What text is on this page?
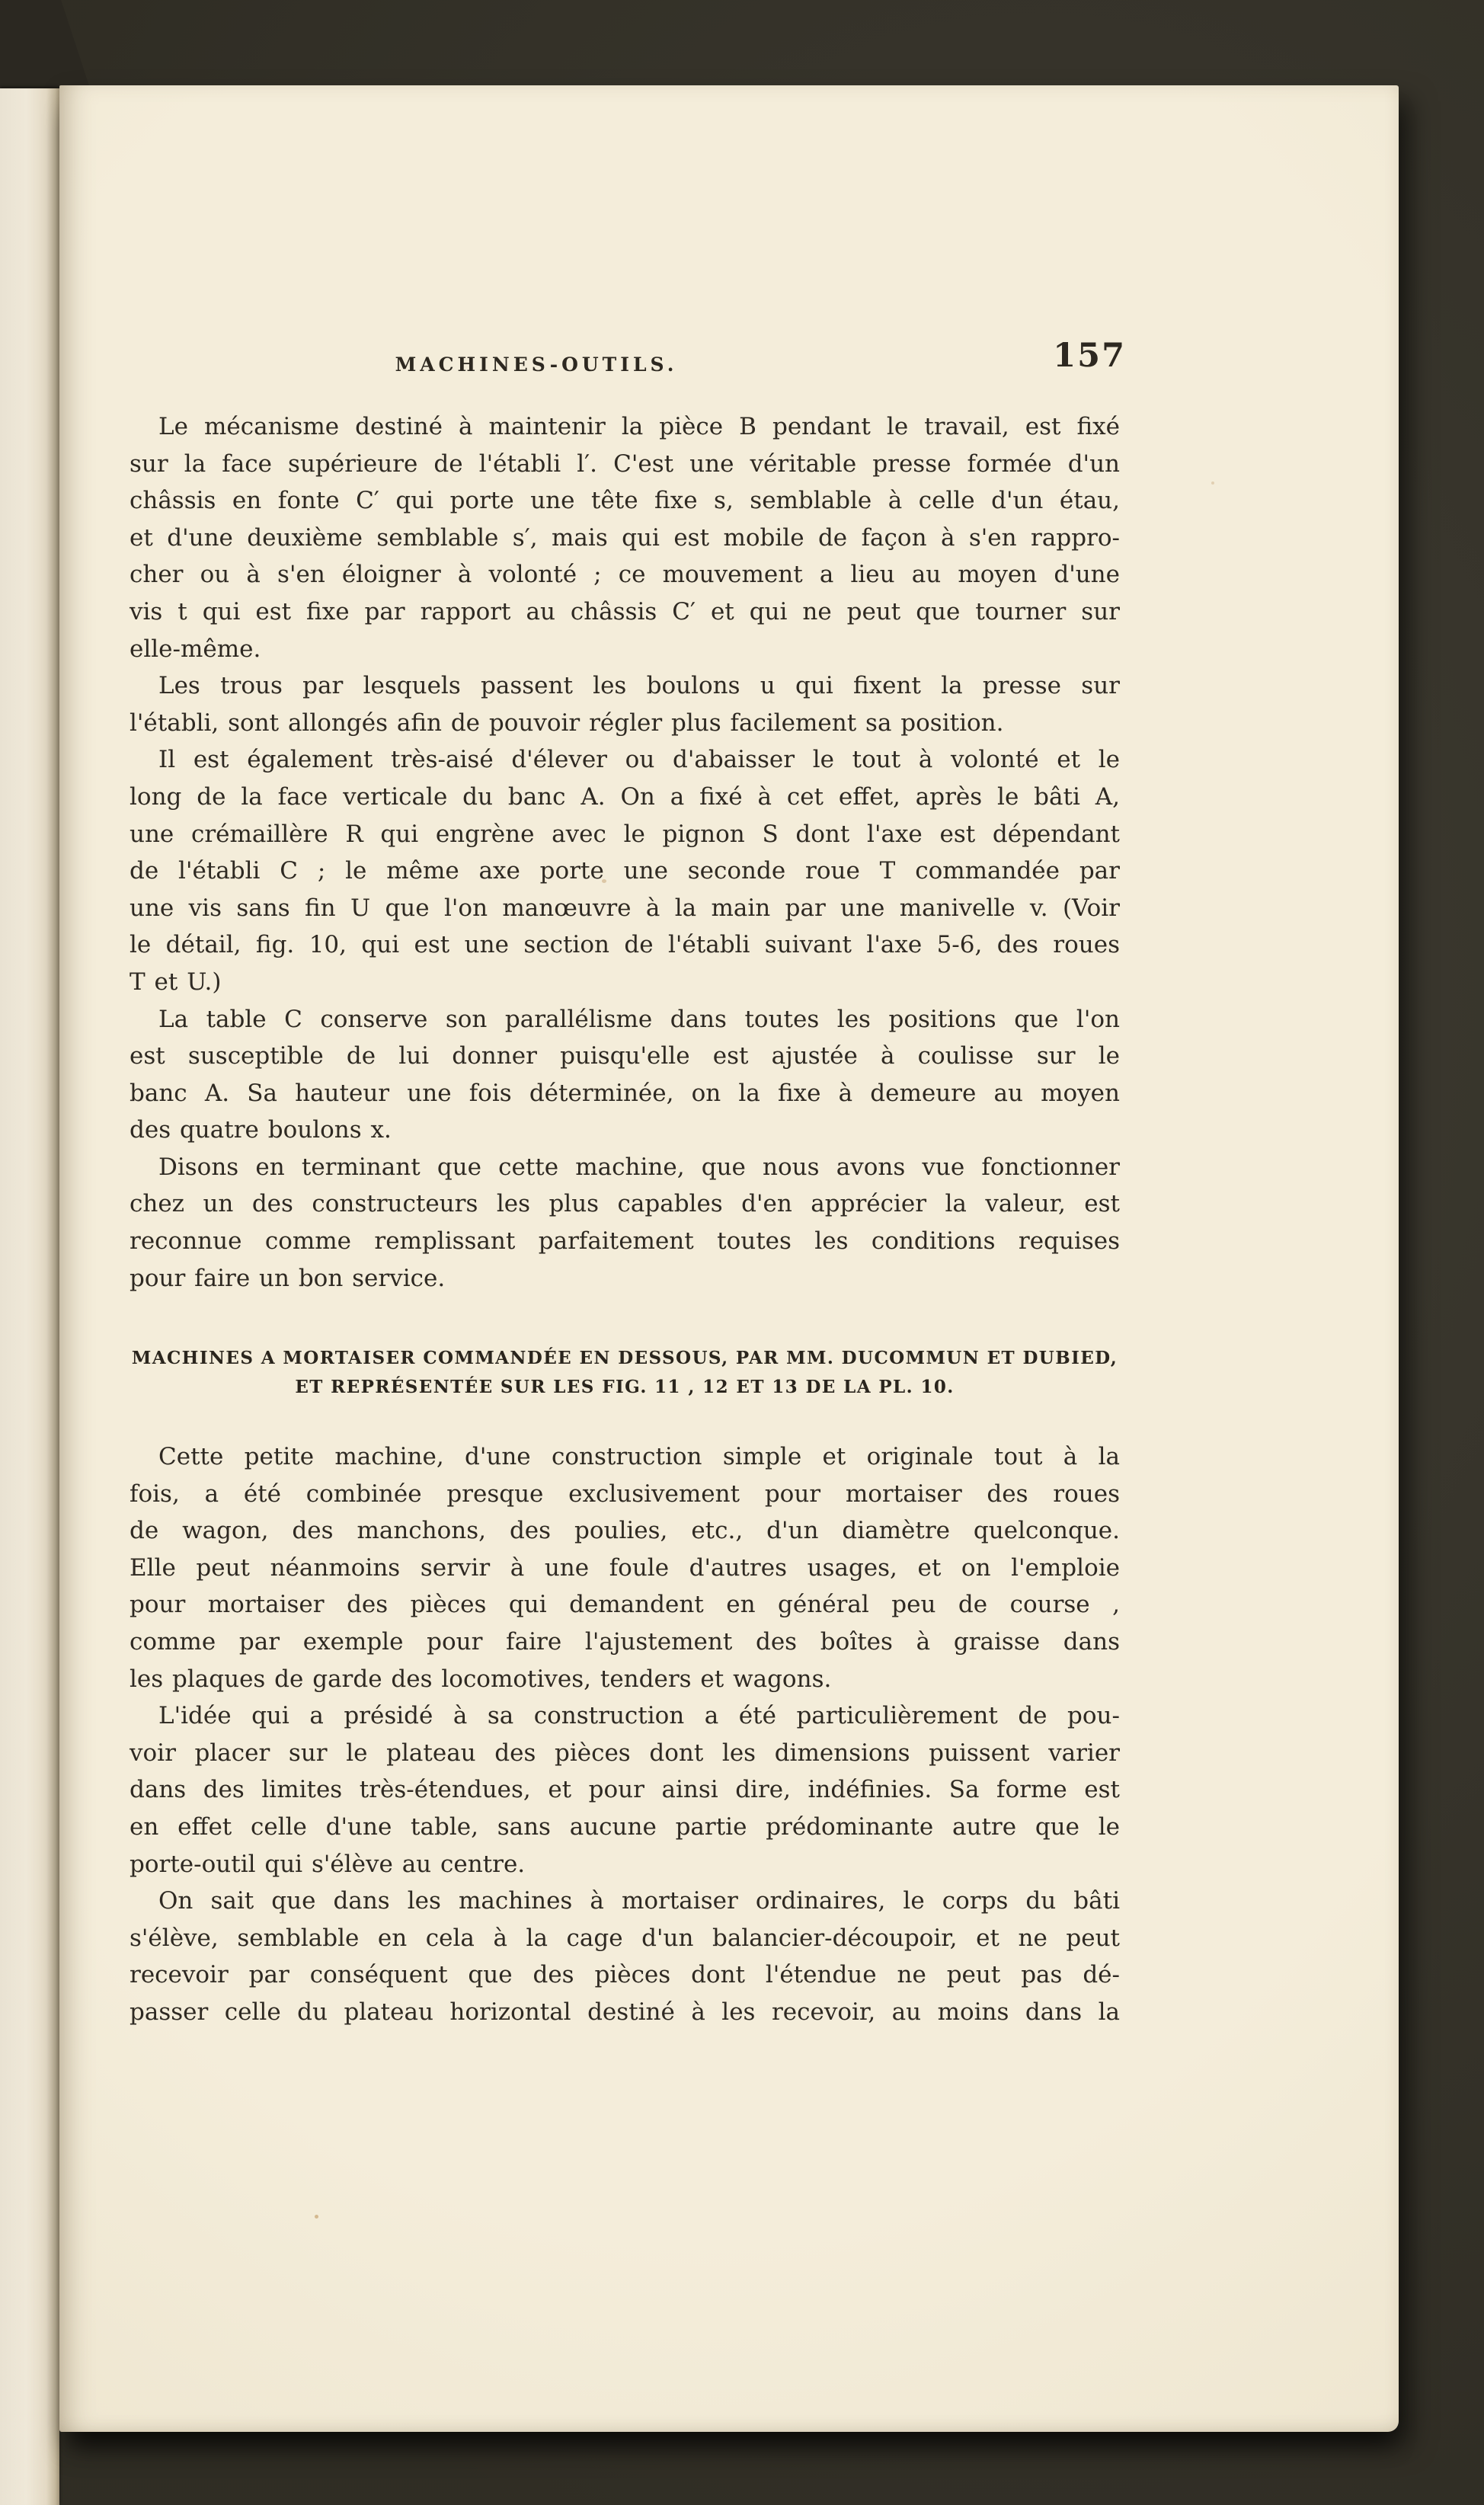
MACHINES-OUTILS.	157
Le mécanisme destiné à maintenir la pièce B pendant le travail, est fixé
sur la face supérieure de l'établi l′. C'est une véritable presse formée d'un
châssis en fonte C′ qui porte une tête fixe s, semblable à celle d'un étau,
et d'une deuxième semblable s′, mais qui est mobile de façon à s'en rappro-
cher ou à s'en éloigner à volonté ; ce mouvement a lieu au moyen d'une
vis t qui est fixe par rapport au châssis C′ et qui ne peut que tourner sur
elle-même.
Les trous par lesquels passent les boulons u qui fixent la presse sur
l'établi, sont allongés afin de pouvoir régler plus facilement sa position.
Il est également très-aisé d'élever ou d'abaisser le tout à volonté et le
long de la face verticale du banc A. On a fixé à cet effet, après le bâti A,
une crémaillère R qui engrène avec le pignon S dont l'axe est dépendant
de l'établi C ; le même axe porte une seconde roue T commandée par
une vis sans fin U que l'on manœuvre à la main par une manivelle v. (Voir
le détail, fig. 10, qui est une section de l'établi suivant l'axe 5-6, des roues
T et U.)
La table C conserve son parallélisme dans toutes les positions que l'on
est susceptible de lui donner puisqu'elle est ajustée à coulisse sur le
banc A. Sa hauteur une fois déterminée, on la fixe à demeure au moyen
des quatre boulons x.
Disons en terminant que cette machine, que nous avons vue fonctionner
chez un des constructeurs les plus capables d'en apprécier la valeur, est
reconnue comme remplissant parfaitement toutes les conditions requises
pour faire un bon service.
MACHINES A MORTAISER COMMANDÉE EN DESSOUS, PAR MM. DUCOMMUN ET DUBIED,
ET REPRÉSENTÉE SUR LES FIG. 11 , 12 ET 13 DE LA PL. 10.
Cette petite machine, d'une construction simple et originale tout à la
fois, a été combinée presque exclusivement pour mortaiser des roues
de wagon, des manchons, des poulies, etc., d'un diamètre quelconque.
Elle peut néanmoins servir à une foule d'autres usages, et on l'emploie
pour mortaiser des pièces qui demandent en général peu de course ,
comme par exemple pour faire l'ajustement des boîtes à graisse dans
les plaques de garde des locomotives, tenders et wagons.
L'idée qui a présidé à sa construction a été particulièrement de pou-
voir placer sur le plateau des pièces dont les dimensions puissent varier
dans des limites très-étendues, et pour ainsi dire, indéfinies. Sa forme est
en effet celle d'une table, sans aucune partie prédominante autre que le
porte-outil qui s'élève au centre.
On sait que dans les machines à mortaiser ordinaires, le corps du bâti
s'élève, semblable en cela à la cage d'un balancier-découpoir, et ne peut
recevoir par conséquent que des pièces dont l'étendue ne peut pas dé-
passer celle du plateau horizontal destiné à les recevoir, au moins dans la
